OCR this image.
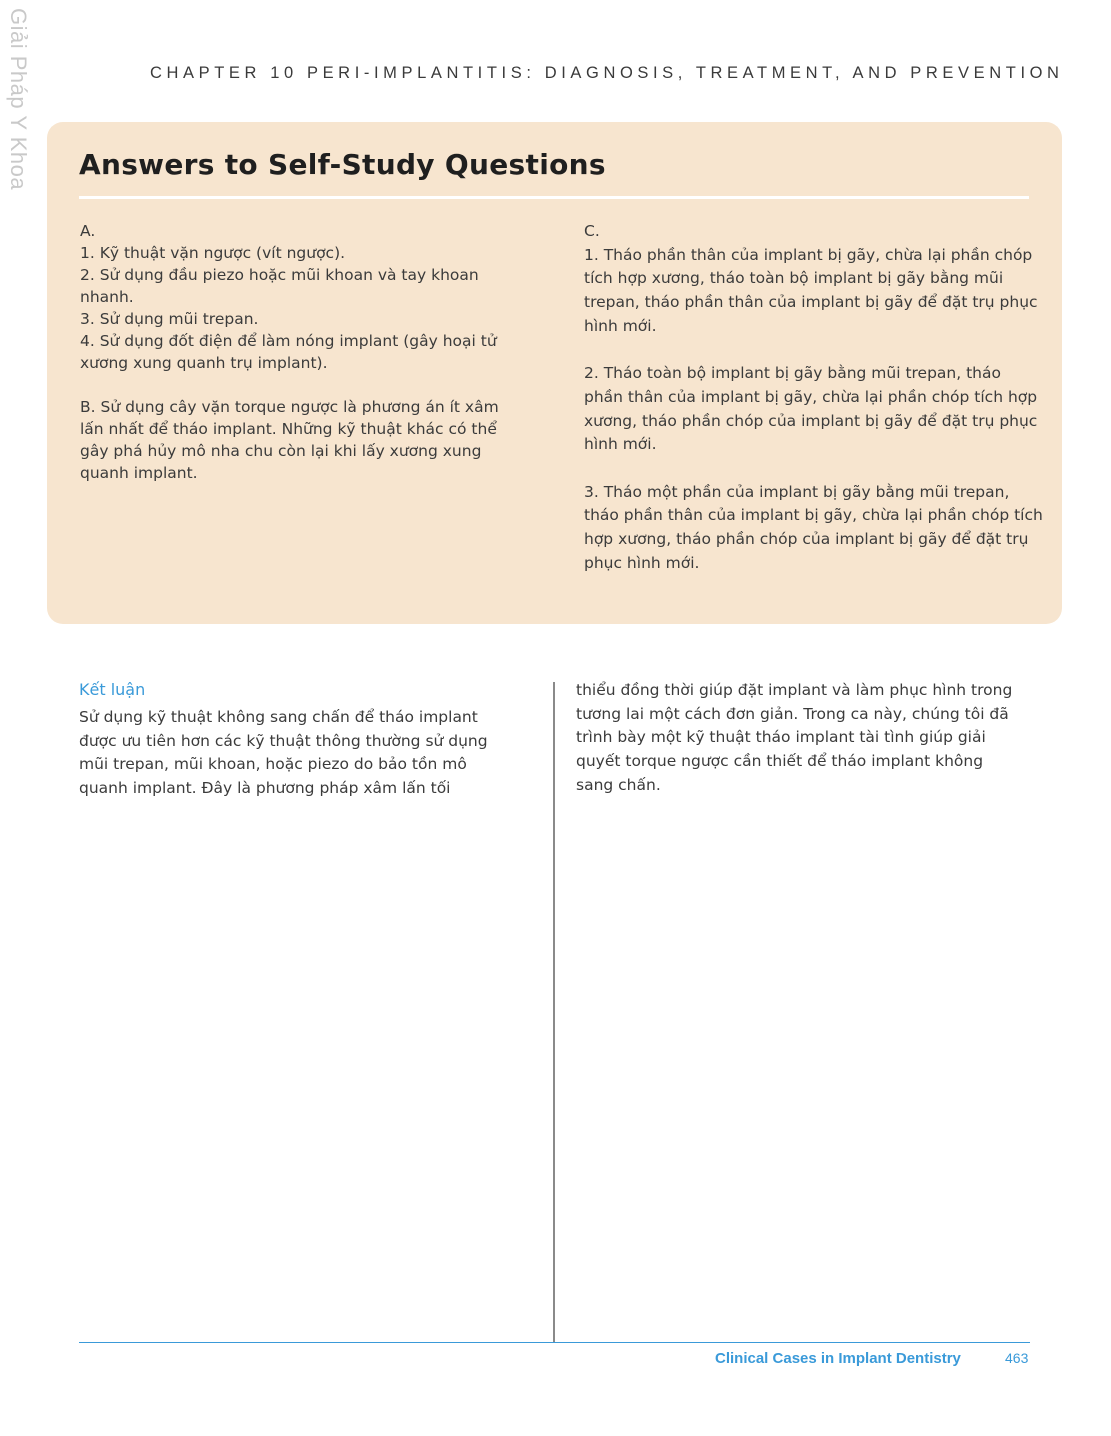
Giải Pháp Y Khoa	CHAPTER 10 PERI-IMPLANTITIS: DIAGNOSIS, TREATMENT, AND PREVENTION
Answers to Self-Study Questions

A.

1. Kỹ thuật vặn ngược (vít ngược).

2. Sử dụng đầu piezo hoặc mũi khoan và tay khoan nhanh.

3. Sử dụng mũi trepan.

4. Sử dụng đốt điện để làm nóng implant (gây hoại tử xương xung quanh trụ implant).

B. Sử dụng cây vặn torque ngược là phương án ít xâm lấn nhất để tháo implant. Những kỹ thuật khác có thể gây phá hủy mô nha chu còn lại khi lấy xương xung quanh implant.

C.

1. Tháo phần thân của implant bị gãy, chừa lại phần chóp tích hợp xương, tháo toàn bộ implant bị gãy bằng mũi trepan, tháo phần thân của implant bị gãy để đặt trụ phục hình mới.

2. Tháo toàn bộ implant bị gãy bằng mũi trepan, tháo phần thân của implant bị gãy, chừa lại phần chóp tích hợp xương, tháo phần chóp của implant bị gãy để đặt trụ phục hình mới.

3. Tháo một phần của implant bị gãy bằng mũi trepan, tháo phần thân của implant bị gãy, chừa lại phần chóp tích hợp xương, tháo phần chóp của implant bị gãy để đặt trụ phục hình mới.

Kết luận

Sử dụng kỹ thuật không sang chấn để tháo implant được ưu tiên hơn các kỹ thuật thông thường sử dụng mũi trepan, mũi khoan, hoặc piezo do bảo tồn mô quanh implant. Đây là phương pháp xâm lấn tối

thiểu đồng thời giúp đặt implant và làm phục hình trong tương lai một cách đơn giản. Trong ca này, chúng tôi đã trình bày một kỹ thuật tháo implant tài tình giúp giải quyết torque ngược cần thiết để tháo implant không sang chấn.

Clinical Cases in Implant Dentistry	463
